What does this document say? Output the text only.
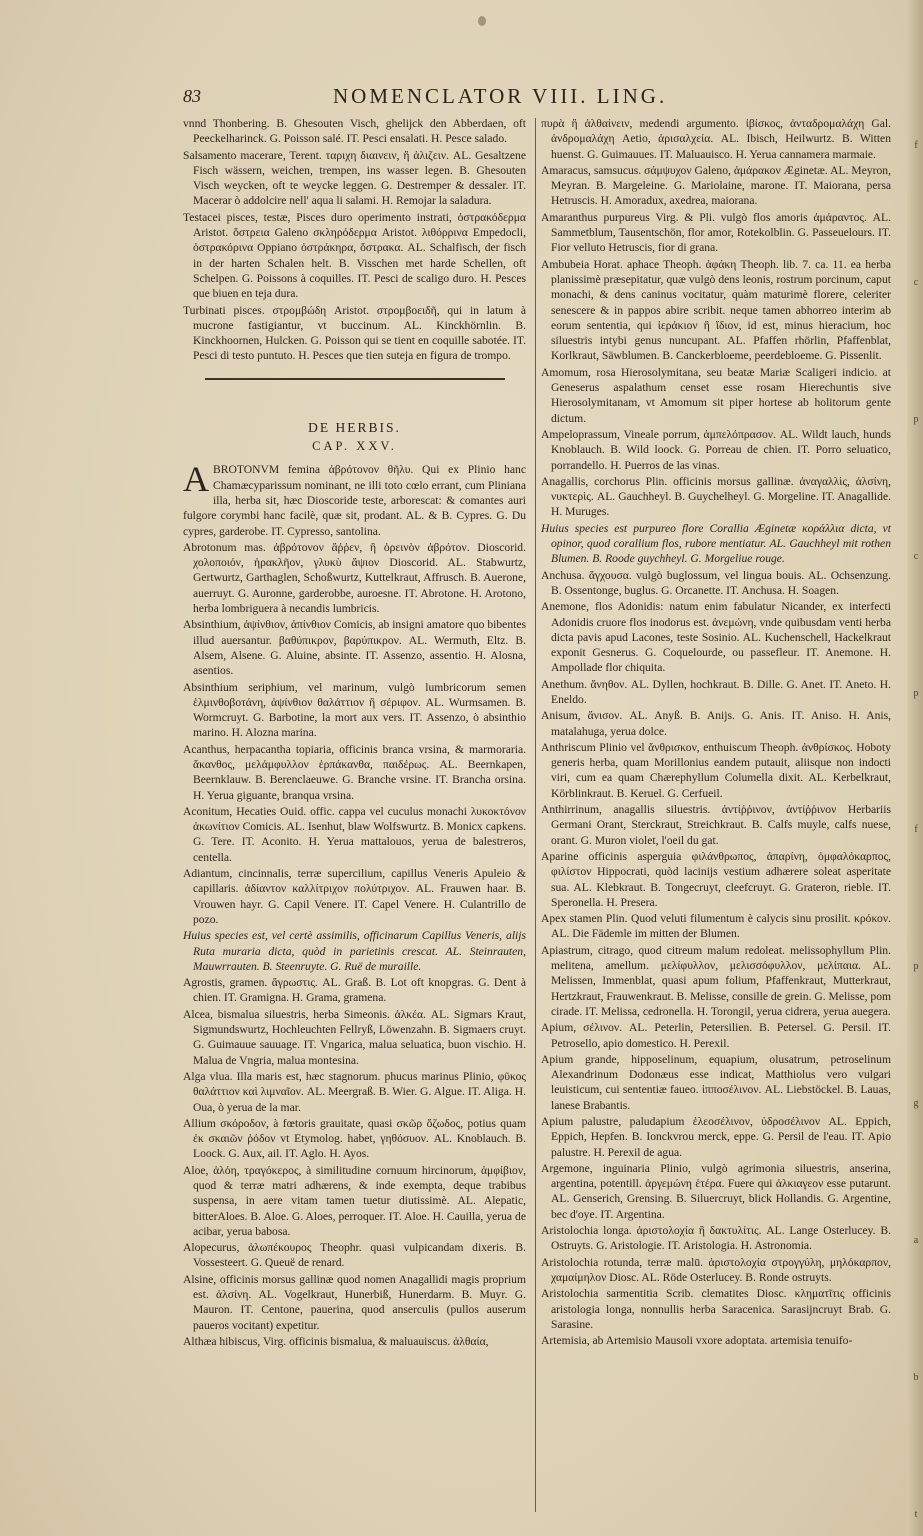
83	NOMENCLATOR VIII. LING.

vnnd Thonbering. B. Ghesouten Visch, ghelijck den Abberdaen, oft Peeckelharinck. G. Poisson salé. IT. Pesci ensalati. H. Pesce salado.

Salsamento macerare, Terent. ταριχη διαινειν, ἢ ἀλιζειν. AL. Gesaltzene Fisch wässern, weichen, trempen, ins wasser legen. B. Ghesouten Visch weycken, oft te weycke leggen. G. Destremper & dessaler. IT. Macerar ò addolcire nell' aqua li salami. H. Remojar la saladura.

Testacei pisces, testæ, Pisces duro operimento instrati, ὀστρακόδερμα Aristot. ὄστρεια Galeno σκληρόδερμα Aristot. λιθόρρινα Empedocli, ὀστρακόρινα Oppiano ὀστράκηρα, ὄστρακα. AL. Schalfisch, der fisch in der harten Schalen helt. B. Visschen met harde Schellen, oft Schelpen. G. Poissons à coquilles. IT. Pesci de scaligo duro. H. Pesces que biuen en teja dura.

Turbinati pisces. στρομβώδη Aristot. στρομβοειδῆ, qui in latum à mucrone fastigiantur, vt buccinum. AL. Kinckhörnlin. B. Kinckhoornen, Hulcken. G. Poisson qui se tient en coquille sabotée. IT. Pesci di testo puntuto. H. Pesces que tien suteja en figura de trompo.

DE HERBIS.

CAP. XXV.

A BROTONVM femina ἀβρότονον θῆλυ. Qui ex Plinio hanc Chamæcyparissum nominant, ne illi toto cœlo errant, cum Pliniana illa, herba sit, hæc Dioscoride teste, arborescat: & comantes auri fulgore corymbi hanc facilè, quæ sit, prodant. AL. & B. Cypres. G. Du cypres, garderobe. IT. Cypresso, santolina.

Abrotonum mas. ἀβρότονον ἄῤῥεν, ἢ ὀρεινὸν ἀβρότον. Dioscorid. χολοποιόν, ἡρακλῆον, γλυκὺ ἄψιον Dioscorid. AL. Stabwurtz, Gertwurtz, Garthaglen, Schoßwurtz, Kuttelkraut, Affrusch. B. Auerone, auerruyt. G. Auronne, garderobbe, auroesne. IT. Abrotone. H. Arotono, herba lombriguera à necandis lumbricis.

Absinthium, ἀψίνθιον, ἀπίνθιον Comicis, ab insigni amatore quo bibentes illud auersantur. βαθύπικρον, βαρύπικρον. AL. Wermuth, Eltz. B. Alsem, Alsene. G. Aluine, absinte. IT. Assenzo, assentio. H. Alosna, asentios.

Absinthium seriphium, vel marinum, vulgò lumbricorum semen ἑλμινθοβοτάνη, ἀψίνθιον θαλάττιον ἢ σέριφον. AL. Wurmsamen. B. Wormcruyt. G. Barbotine, la mort aux vers. IT. Assenzo, ò absinthio marino. H. Alozna marina.

Acanthus, herpacantha topiaria, officinis branca vrsina, & marmoraria. ἄκανθος, μελάμφυλλον ἑρπάκανθα, παιδέρως. AL. Beernkapen, Beernklauw. B. Berenclaeuwe. G. Branche vrsine. IT. Brancha orsina. H. Yerua giguante, branqua vrsina.

Aconitum, Hecaties Ouid. offic. cappa vel cuculus monachi λυκοκτόνον ἀκωνίτιον Comicis. AL. Isenhut, blaw Wolfswurtz. B. Monicx capkens. G. Tere. IT. Aconito. H. Yerua mattalouos, yerua de balestreros, centella.

Adiantum, cincinnalis, terræ supercilium, capillus Veneris Apuleio & capillaris. ἀδίαντον καλλίτριχον πολύτριχον. AL. Frauwen haar. B. Vrouwen hayr. G. Capil Venere. IT. Capel Venere. H. Culantrillo de pozo.

Huius species est, vel certè assimilis, officinarum Capillus Veneris, alijs Ruta muraria dicta, quòd in parietinis crescat. AL. Steinrauten, Mauwrrauten. B. Steenruyte. G. Ruë de muraille.

Agrostis, gramen. ἄγρωστις. AL. Graß. B. Lot oft knopgras. G. Dent à chien. IT. Gramigna. H. Grama, gramena.

Alcea, bismalua siluestris, herba Simeonis. ἀλκέα. AL. Sigmars Kraut, Sigmundswurtz, Hochleuchten Fellryß, Löwenzahn. B. Sigmaers cruyt. G. Guimauue sauuage. IT. Vngarica, malua seluatica, buon vischio. H. Malua de Vngria, malua montesina.

Alga vlua. Illa maris est, hæc stagnorum. phucus marinus Plinio, φῦκος θαλάττιον καὶ λιμναῖον. AL. Meergraß. B. Wier. G. Algue. IT. Aliga. H. Oua, ò yerua de la mar.

Allium σκόροδον, à fœtoris grauitate, quasi σκῶρ ὄζωδος, potius quam ἐκ σκαιῶν ῥόδον vt Etymolog. habet, γηθόσυον. AL. Knoblauch. B. Loock. G. Aux, ail. IT. Aglo. H. Ayos.

Aloe, ἀλόη, τραγόκερος, à similitudine cornuum hircinorum, ἀμφίβιον, quod & terræ matri adhærens, & inde exempta, deque trabibus suspensa, in aere vitam tamen tuetur diutissimè. AL. Alepatic, bitterAloes. B. Aloe. G. Aloes, perroquer. IT. Aloe. H. Cauilla, yerua de acibar, yerua babosa.

Alopecurus, ἀλωπέκουρος Theophr. quasi vulpicandam dixeris. B. Vossesteert. G. Queuë de renard.

Alsine, officinis morsus gallinæ quod nomen Anagallidi magis proprium est. ἀλσίνη. AL. Vogelkraut, Hunerbiß, Hunerdarm. B. Muyr. G. Mauron. IT. Centone, pauerina, quod anserculis (pullos auserum paueros vocitant) expetitur.

Althæa hibiscus, Virg. officinis bismalua, & maluauiscus. ἀλθαία,

πυρὰ ἢ ἀλθαίνειν, medendi argumento. ἰβίσκος, ἀνταδρομαλάχη Gal. ἀνδρομαλάχη Aetio, ἀρισαλχεία. AL. Ibisch, Heilwurtz. B. Witten huenst. G. Guimauues. IT. Maluauisco. H. Yerua cannamera marmaie.

Amaracus, samsucus. σάμψυχον Galeno, ἀμάρακον Æginetæ. AL. Meyron, Meyran. B. Margeleine. G. Mariolaine, marone. IT. Maiorana, persa Hetruscis. H. Amoradux, axedrea, maiorana.

Amaranthus purpureus Virg. & Pli. vulgò flos amoris ἀμάραντος. AL. Sammetblum, Tausentschön, flor amor, Rotekolblin. G. Passeuelours. IT. Fior velluto Hetruscis, fior di grana.

Ambubeia Horat. aphace Theoph. ἀφάκη Theoph. lib. 7. ca. 11. ea herba planissimè præsepitatur, quæ vulgò dens leonis, rostrum porcinum, caput monachi, & dens caninus vocitatur, quàm maturimè florere, celeriter senescere & in pappos abire scribit. neque tamen abhorreo interim ab eorum sententia, qui ἱεράκιον ἢ ἴδιον, id est, minus hieracium, hoc siluestris intybi genus nuncupant. AL. Pfaffen rhörlin, Pfaffenblat, Korlkraut, Säwblumen. B. Canckerbloeme, peerdebloeme. G. Pissenlit.

Amomum, rosa Hierosolymitana, seu beatæ Mariæ Scaligeri indicio. at Geneserus aspalathum censet esse rosam Hierechuntis sive Hierosolymitanam, vt Amomum sit piper hortese ab holitorum gente dictum.

Ampeloprassum, Vineale porrum, ἀμπελόπρασον. AL. Wildt lauch, hunds Knoblauch. B. Wild loock. G. Porreau de chien. IT. Porro seluatico, porrandello. H. Puerros de las vinas.

Anagallis, corchorus Plin. officinis morsus gallinæ. ἀναγαλλὶς, ἀλσίνη, νυκτερὶς. AL. Gauchheyl. B. Guychelheyl. G. Morgeline. IT. Anagallide. H. Muruges.

Huius species est purpureo flore Corallia Æginetæ κοράλλια dicta, vt opinor, quod corallium flos, rubore mentiatur. AL. Gauchheyl mit rothen Blumen. B. Roode guychheyl. G. Morgeliue rouge.

Anchusa. ἄγχουσα. vulgò buglossum, vel lingua bouis. AL. Ochsenzung. B. Ossentonge, buglus. G. Orcanette. IT. Anchusa. H. Soagen.

Anemone, flos Adonidis: natum enim fabulatur Nicander, ex interfecti Adonidis cruore flos inodorus est. ἀνεμώνη, vnde quibusdam venti herba dicta pavis apud Lacones, teste Sosinio. AL. Kuchenschell, Hackelkraut exponit Gesnerus. G. Coquelourde, ou passefleur. IT. Anemone. H. Ampollade flor chiquita.

Anethum. ἄνηθον. AL. Dyllen, hochkraut. B. Dille. G. Anet. IT. Aneto. H. Eneldo.

Anisum, ἄνισον. AL. Anyß. B. Anijs. G. Anis. IT. Aniso. H. Anis, matalahuga, yerua dolce.

Anthriscum Plinio vel ἄνθρισκον, enthuiscum Theoph. ἀνθρίσκος. Hoboty generis herba, quam Morillonius eandem putauit, aliisque non indocti viri, cum ea quam Chærephyllum Columella dixit. AL. Kerbelkraut, Körblinkraut. B. Keruel. G. Cerfueil.

Anthirrinum, anagallis siluestris. ἀντίῤῥινον, ἀντίῤῥινον Herbariis Germani Orant, Sterckraut, Streichkraut. B. Calfs muyle, calfs nuese, orant. G. Muron violet, l'oeil du gat.

Aparine officinis asperguia φιλάνθρωπος, ἀπαρίνη, ὀμφαλόκαρπος, φιλίστον Hippocrati, quòd lacinijs vestium adhærere soleat asperitate sua. AL. Klebkraut. B. Tongecruyt, cleefcruyt. G. Grateron, rieble. IT. Speronella. H. Presera.

Apex stamen Plin. Quod veluti filumentum è calycis sinu prosilit. κρόκον. AL. Die Fädemle im mitten der Blumen.

Apiastrum, citrago, quod citreum malum redoleat. melissophyllum Plin. melitena, amellum. μελίφυλλον, μελισσόφυλλον, μελίπαια. AL. Melissen, Immenblat, quasi apum folium, Pfaffenkraut, Mutterkraut, Hertzkraut, Frauwenkraut. B. Melisse, consille de grein. G. Melisse, pom cirade. IT. Melissa, cedronella. H. Torongil, yerua cidrera, yerua auegera.

Apium, σέλινον. AL. Peterlin, Petersilien. B. Petersel. G. Persil. IT. Petrosello, apio domestico. H. Perexil.

Apium grande, hipposelinum, equapium, olusatrum, petroselinum Alexandrinum Dodonæus esse indicat, Matthiolus vero vulgari leuisticum, cui sententiæ faueo. ἱπποσέλινον. AL. Liebstöckel. B. Lauas, lanese Brabantis.

Apium palustre, paludapium ἑλεοσέλινον, ὑδροσέλινον AL. Eppich, Eppich, Hepfen. B. Ionckvrou merck, eppe. G. Persil de l'eau. IT. Apio palustre. H. Perexil de agua.

Argemone, inguinaria Plinio, vulgò agrimonia siluestris, anserina, argentina, potentill. ἀργεμώνη ἑτέρα. Fuere qui ἀλκιαγεον esse putarunt. AL. Genserich, Grensing. B. Siluercruyt, blick Hollandis. G. Argentine, bec d'oye. IT. Argentina.

Aristolochia longa. ἀριστολοχία ἢ δακτυλίτις. AL. Lange Osterlucey. B. Ostruyts. G. Aristologie. IT. Aristologia. H. Astronomia.

Aristolochia rotunda, terræ malū. ἀριστολοχία στρογγύλη, μηλόκαρπον, χαμαίμηλον Diosc. AL. Röde Osterlucey. B. Ronde ostruyts.

Aristolochia sarmentitia Scrib. clematites Diosc. κληματῖτις officinis aristologia longa, nonnullis herba Saracenica. Sarasijncruyt Brab. G. Sarasine.

Artemisia, ab Artemisio Mausoli vxore adoptata. artemisia tenuifo-

f
c
p
c
p
f
p
g
a
b
t
